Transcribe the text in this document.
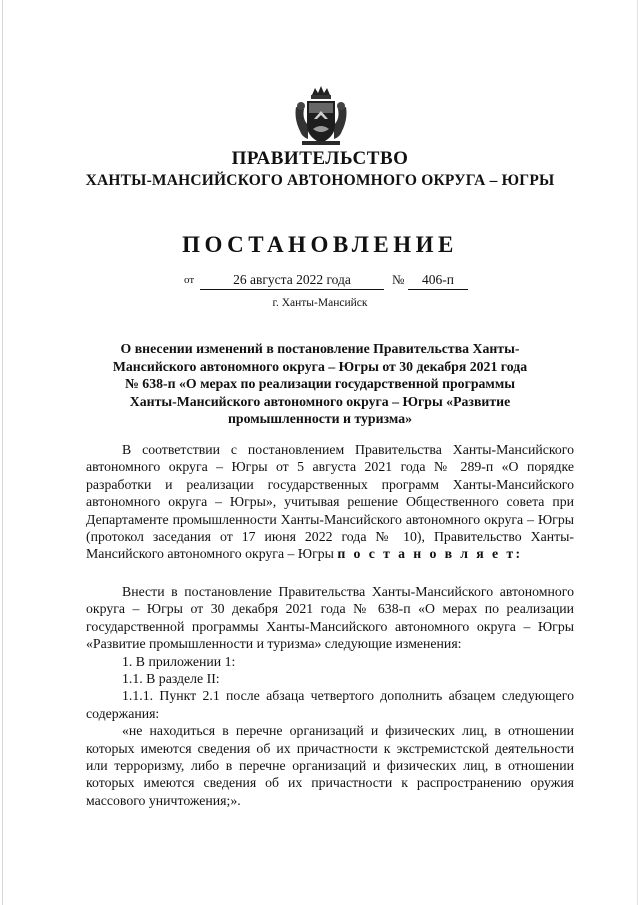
ПРАВИТЕЛЬСТВО
ХАНТЫ-МАНСИЙСКОГО АВТОНОМНОГО ОКРУГА – ЮГРЫ
ПОСТАНОВЛЕНИЕ
от	26 августа 2022 года	№	406-п
г. Ханты-Мансийск
О внесении изменений в постановление Правительства Ханты-Мансийского автономного округа – Югры от 30 декабря 2021 года № 638-п «О мерах по реализации государственной программы Ханты-Мансийского автономного округа – Югры «Развитие промышленности и туризма»

В соответствии с постановлением Правительства Ханты-Мансийского автономного округа – Югры от 5 августа 2021 года № 289-п «О порядке разработки и реализации государственных программ Ханты-Мансийского автономного округа – Югры», учитывая решение Общественного совета при Департаменте промышленности Ханты-Мансийского автономного округа – Югры (протокол заседания от 17 июня 2022 года № 10), Правительство Ханты-Мансийского автономного округа – Югры п о с т а н о в л я е т:

Внести в постановление Правительства Ханты-Мансийского автономного округа – Югры от 30 декабря 2021 года № 638-п «О мерах по реализации государственной программы Ханты-Мансийского автономного округа – Югры «Развитие промышленности и туризма» следующие изменения:

1. В приложении 1:

1.1. В разделе II:

1.1.1. Пункт 2.1 после абзаца четвертого дополнить абзацем следующего содержания:

«не находиться в перечне организаций и физических лиц, в отношении которых имеются сведения об их причастности к экстремистской деятельности или терроризму, либо в перечне организаций и физических лиц, в отношении которых имеются сведения об их причастности к распространению оружия массового уничтожения;».
